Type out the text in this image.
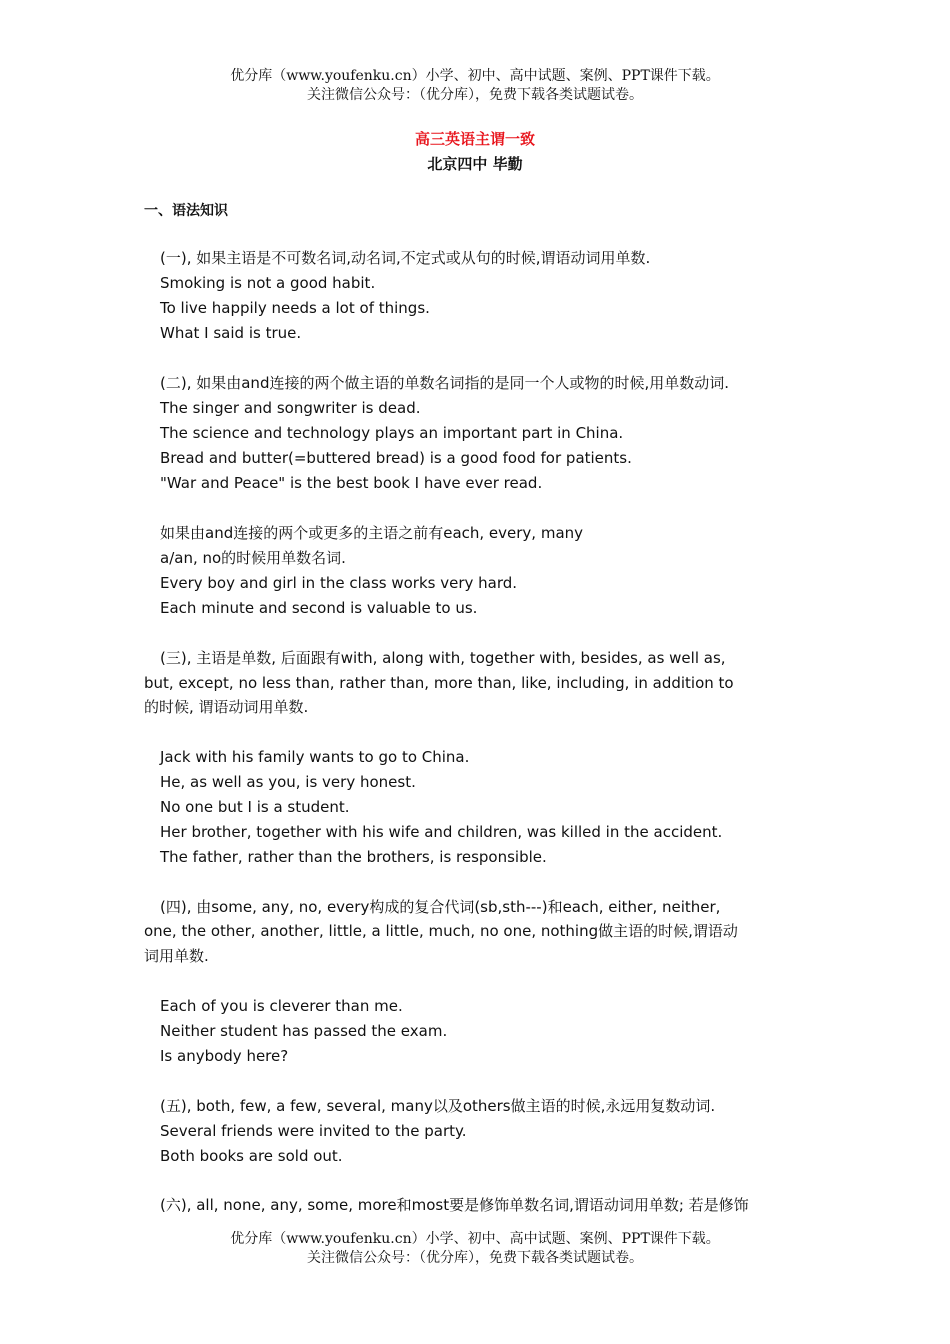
优分库（www.youfenku.cn）小学、初中、高中试题、案例、PPT课件下载。
关注微信公众号：（优分库），免费下载各类试题试卷。
高三英语主谓一致
北京四中 毕勤
一、语法知识
(一), 如果主语是不可数名词,动名词,不定式或从句的时候,谓语动词用单数.
Smoking is not a good habit.
To live happily needs a lot of things.
What I said is true.
(二), 如果由and连接的两个做主语的单数名词指的是同一个人或物的时候,用单数动词.
The singer and songwriter is dead.
The science and technology plays an important part in China.
Bread and butter(=buttered bread) is a good food for patients.
"War and Peace" is the best book I have ever read.
如果由and连接的两个或更多的主语之前有each, every, many
a/an, no的时候用单数名词.
Every boy and girl in the class works very hard.
Each minute and second is valuable to us.
(三), 主语是单数, 后面跟有with, along with, together with, besides, as well as,
but, except, no less than, rather than, more than, like, including, in addition to
的时候, 谓语动词用单数.
Jack with his family wants to go to China.
He, as well as you, is very honest.
No one but I is a student.
Her brother, together with his wife and children, was killed in the accident.
The father, rather than the brothers, is responsible.
(四), 由some, any, no, every构成的复合代词(sb,sth---)和each, either, neither,
one, the other, another, little, a little, much, no one, nothing做主语的时候,谓语动
词用单数.
Each of you is cleverer than me.
Neither student has passed the exam.
Is anybody here?
(五), both, few, a few, several, many以及others做主语的时候,永远用复数动词.
Several friends were invited to the party.
Both books are sold out.
(六), all, none, any, some, more和most要是修饰单数名词,谓语动词用单数; 若是修饰
优分库（www.youfenku.cn）小学、初中、高中试题、案例、PPT课件下载。
关注微信公众号：（优分库），免费下载各类试题试卷。
